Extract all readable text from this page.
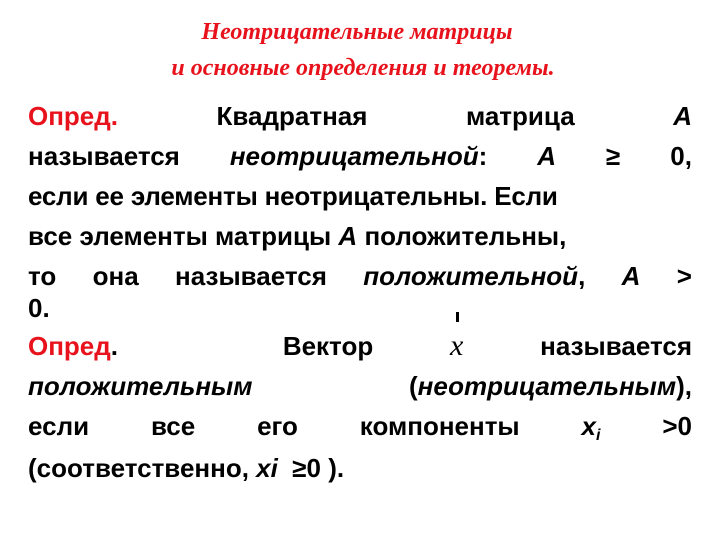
Неотрицательные матрицы
и основные определения и теоремы.
Опред.	Квадратная	матрица	А
называется неотрицательной: А ≥ 0,
если ее элементы неотрицательны. Если
все элементы матрицы
А
положительны,
то она называется положительной, А >
0.
Опред.	Вектор	x	называется
положительным	(неотрицательным),
если все его компоненты $x_i >0$
(соответственно, xi ≥0 ).
